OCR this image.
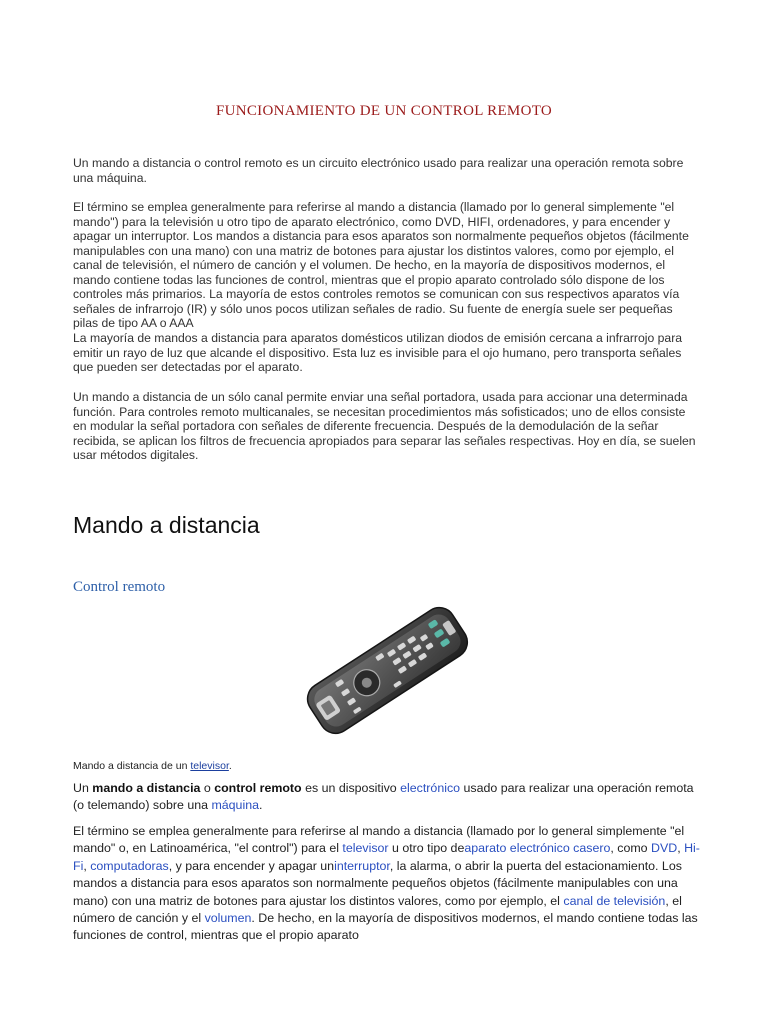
FUNCIONAMIENTO DE UN CONTROL REMOTO

Un mando a distancia o control remoto es un circuito electrónico usado para realizar una operación remota sobre una máquina.

El término se emplea generalmente para referirse al mando a distancia (llamado por lo general simplemente "el mando") para la televisión u otro tipo de aparato electrónico, como DVD, HIFI, ordenadores, y para encender y apagar un interruptor. Los mandos a distancia para esos aparatos son normalmente pequeños objetos (fácilmente manipulables con una mano) con una matriz de botones para ajustar los distintos valores, como por ejemplo, el canal de televisión, el número de canción y el volumen. De hecho, en la mayoría de dispositivos modernos, el mando contiene todas las funciones de control, mientras que el propio aparato controlado sólo dispone de los controles más primarios. La mayoría de estos controles remotos se comunican con sus respectivos aparatos vía señales de infrarrojo (IR) y sólo unos pocos utilizan señales de radio. Su fuente de energía suele ser pequeñas pilas de tipo AA o AAA

La mayoría de mandos a distancia para aparatos domésticos utilizan diodos de emisión cercana a infrarrojo para emitir un rayo de luz que alcande el dispositivo. Esta luz es invisible para el ojo humano, pero transporta señales que pueden ser detectadas por el aparato.

Un mando a distancia de un sólo canal permite enviar una señal portadora, usada para accionar una determinada función. Para controles remoto multicanales, se necesitan procedimientos más sofisticados; uno de ellos consiste en modular la señal portadora con señales de diferente frecuencia. Después de la demodulación de la señar recibida, se aplican los filtros de frecuencia apropiados para separar las señales respectivas. Hoy en día, se suelen usar métodos digitales.

Mando a distancia
Control remoto

Mando a distancia de un televisor.

Un mando a distancia o control remoto es un dispositivo electrónico usado para realizar una operación remota (o telemando) sobre una máquina.

El término se emplea generalmente para referirse al mando a distancia (llamado por lo general simplemente "el mando" o, en Latinoamérica, "el control") para el televisor u otro tipo deaparato electrónico casero, como DVD, Hi-Fi, computadoras, y para encender y apagar uninterruptor, la alarma, o abrir la puerta del estacionamiento. Los mandos a distancia para esos aparatos son normalmente pequeños objetos (fácilmente manipulables con una mano) con una matriz de botones para ajustar los distintos valores, como por ejemplo, el canal de televisión, el número de canción y el volumen. De hecho, en la mayoría de dispositivos modernos, el mando contiene todas las funciones de control, mientras que el propio aparato
